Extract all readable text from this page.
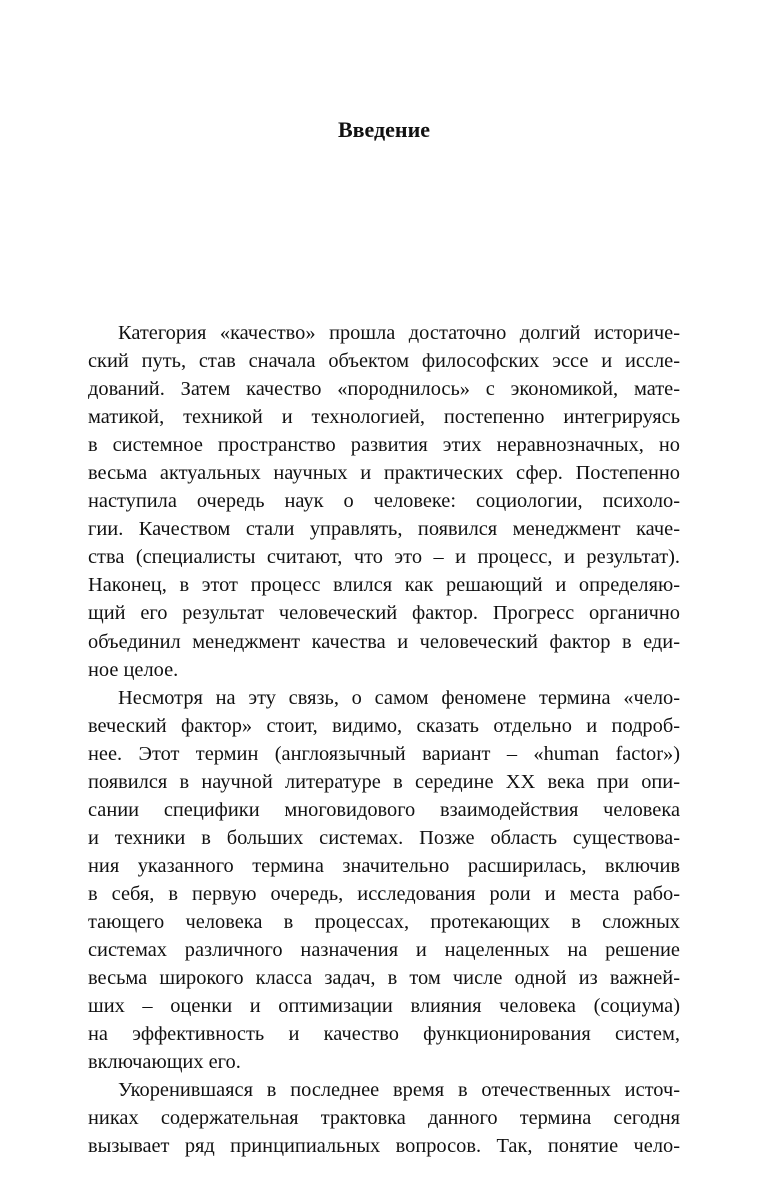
Введение
Категория «качество» прошла достаточно долгий историче-
ский путь, став сначала объектом философских эссе и иссле-
дований. Затем качество «породнилось» с экономикой, мате-
матикой, техникой и технологией, постепенно интегрируясь
в системное пространство развития этих неравнозначных, но
весьма актуальных научных и практических сфер. Постепенно
наступила очередь наук о человеке: социологии, психоло-
гии. Качеством стали управлять, появился менеджмент каче-
ства (специалисты считают, что это – и процесс, и результат).
Наконец, в этот процесс влился как решающий и определяю-
щий его результат человеческий фактор. Прогресс органично
объединил менеджмент качества и человеческий фактор в еди-
ное целое.
Несмотря на эту связь, о самом феномене термина «чело-
веческий фактор» стоит, видимо, сказать отдельно и подроб-
нее. Этот термин (англоязычный вариант – «human factor»)
появился в научной литературе в середине XX века при опи-
сании специфики многовидового взаимодействия человека
и техники в больших системах. Позже область существова-
ния указанного термина значительно расширилась, включив
в себя, в первую очередь, исследования роли и места рабо-
тающего человека в процессах, протекающих в сложных
системах различного назначения и нацеленных на решение
весьма широкого класса задач, в том числе одной из важней-
ших – оценки и оптимизации влияния человека (социума)
на эффективность и качество функционирования систем,
включающих его.
Укоренившаяся в последнее время в отечественных источ-
никах содержательная трактовка данного термина сегодня
вызывает ряд принципиальных вопросов. Так, понятие чело-
